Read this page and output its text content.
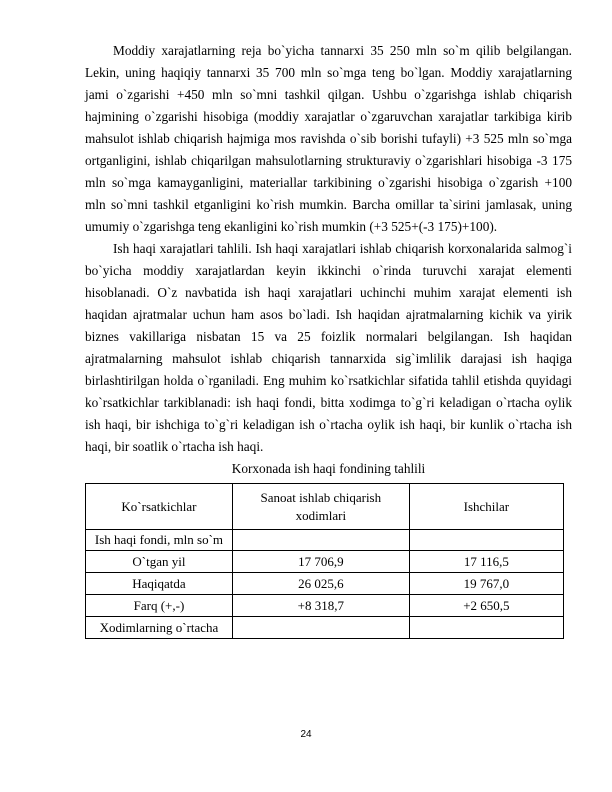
Moddiy xarajatlarning reja bo`yicha tannarxi 35 250 mln so`m qilib belgilangan. Lekin, uning haqiqiy tannarxi 35 700 mln so`mga teng bo`lgan. Moddiy xarajatlarning jami o`zgarishi +450 mln so`mni tashkil qilgan. Ushbu o`zgarishga ishlab chiqarish hajmining o`zgarishi hisobiga (moddiy xarajatlar o`zgaruvchan xarajatlar tarkibiga kirib mahsulot ishlab chiqarish hajmiga mos ravishda o`sib borishi tufayli) +3 525 mln so`mga ortganligini, ishlab chiqarilgan mahsulotlarning strukturaviy o`zgarishlari hisobiga -3 175 mln so`mga kamayganligini, materiallar tarkibining o`zgarishi hisobiga o`zgarish +100 mln so`mni tashkil etganligini ko`rish mumkin. Barcha omillar ta`sirini jamlasak, uning umumiy o`zgarishga teng ekanligini ko`rish mumkin (+3 525+(-3 175)+100).

Ish haqi xarajatlari tahlili. Ish haqi xarajatlari ishlab chiqarish korxonalarida salmog`i bo`yicha moddiy xarajatlardan keyin ikkinchi o`rinda turuvchi xarajat elementi hisoblanadi. O`z navbatida ish haqi xarajatlari uchinchi muhim xarajat elementi ish haqidan ajratmalar uchun ham asos bo`ladi. Ish haqidan ajratmalarning kichik va yirik biznes vakillariga nisbatan 15 va 25 foizlik normalari belgilangan. Ish haqidan ajratmalarning mahsulot ishlab chiqarish tannarxida sig`imlilik darajasi ish haqiga birlashtirilgan holda o`rganiladi. Eng muhim ko`rsatkichlar sifatida tahlil etishda quyidagi ko`rsatkichlar tarkiblanadi: ish haqi fondi, bitta xodimga to`g`ri keladigan o`rtacha oylik ish haqi, bir ishchiga to`g`ri keladigan ish o`rtacha oylik ish haqi, bir kunlik o`rtacha ish haqi, bir soatlik o`rtacha ish haqi.

Korxonada ish haqi fondining tahlili

Ko`rsatkichlar	Sanoat ishlab chiqarish xodimlari	Ishchilar
Ish haqi fondi, mln so`m		
O`tgan yil	17 706,9	17 116,5
Haqiqatda	26 025,6	19 767,0
Farq (+,-)	+8 318,7	+2 650,5
Xodimlarning o`rtacha		
24
